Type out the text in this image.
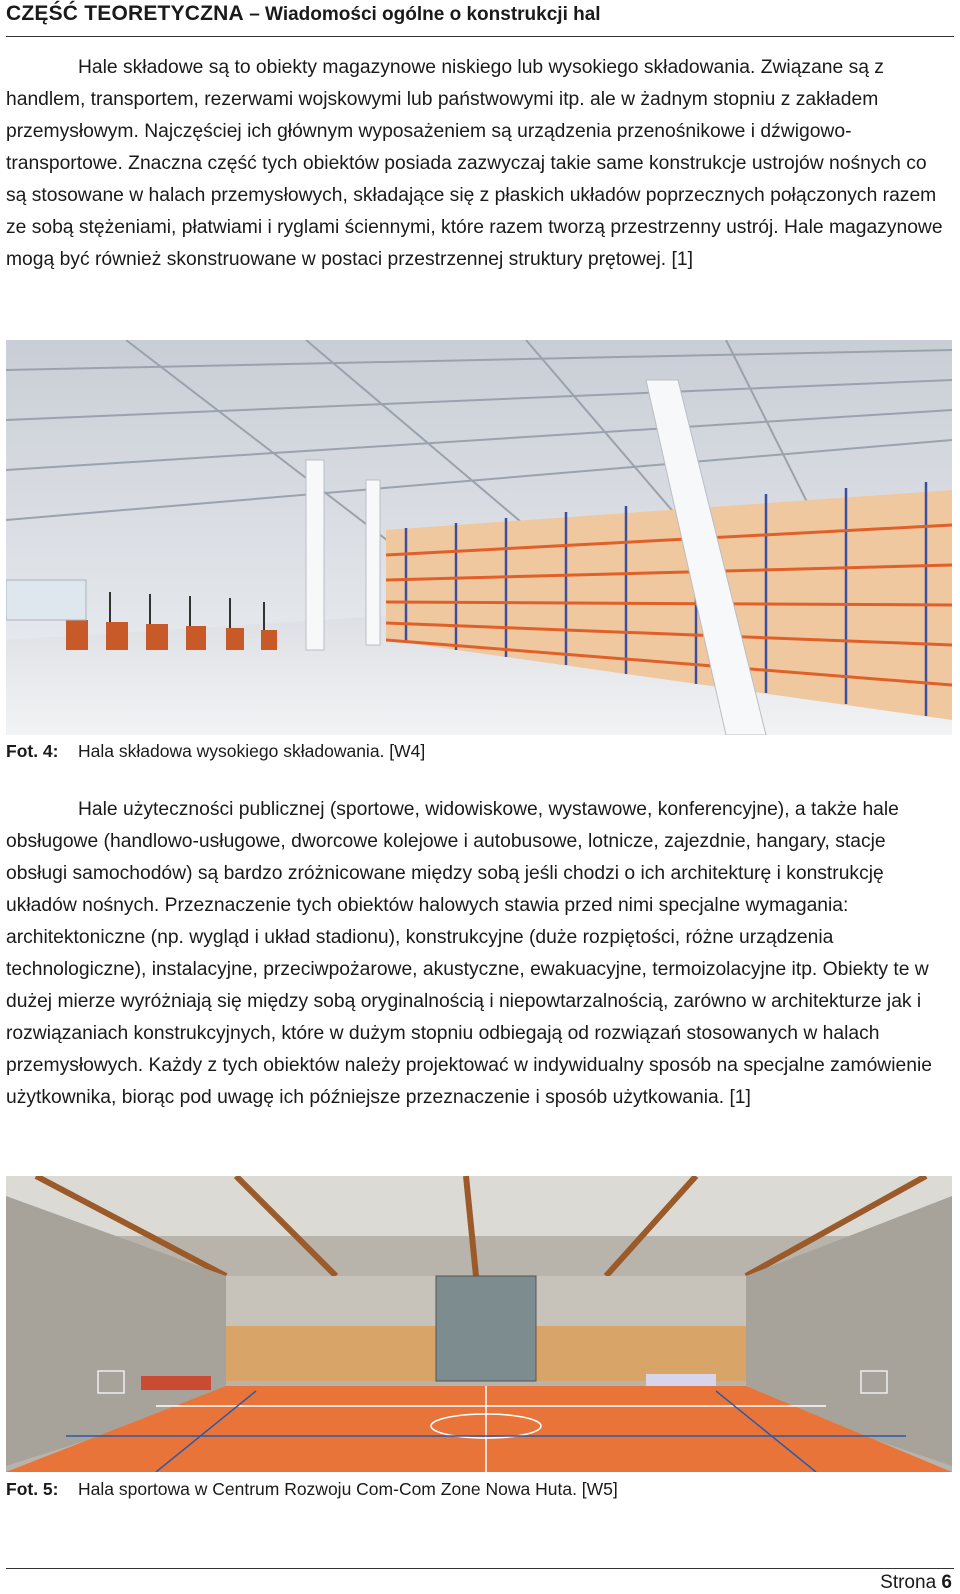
CZĘŚĆ TEORETYCZNA – Wiadomości ogólne o konstrukcji hal

Hale składowe są to obiekty magazynowe niskiego lub wysokiego składowania. Związane są z handlem, transportem, rezerwami wojskowymi lub państwowymi itp. ale w żadnym stopniu z zakładem przemysłowym. Najczęściej ich głównym wyposażeniem są urządzenia przenośnikowe i dźwigowo-transportowe. Znaczna część tych obiektów posiada zazwyczaj takie same konstrukcje ustrojów nośnych co są stosowane w halach przemysłowych, składające się z płaskich układów poprzecznych połączonych razem ze sobą stężeniami, płatwiami i ryglami ściennymi, które razem tworzą przestrzenny ustrój. Hale magazynowe mogą być również skonstruowane w postaci przestrzennej struktury prętowej. [1]

Fot. 4: Hala składowa wysokiego składowania. [W4]

Hale użyteczności publicznej (sportowe, widowiskowe, wystawowe, konferencyjne), a także hale obsługowe (handlowo-usługowe, dworcowe kolejowe i autobusowe, lotnicze, zajezdnie, hangary, stacje obsługi samochodów) są bardzo zróżnicowane między sobą jeśli chodzi o ich architekturę i konstrukcję układów nośnych. Przeznaczenie tych obiektów halowych stawia przed nimi specjalne wymagania: architektoniczne (np. wygląd i układ stadionu), konstrukcyjne (duże rozpiętości, różne urządzenia technologiczne), instalacyjne, przeciwpożarowe, akustyczne, ewakuacyjne, termoizolacyjne itp. Obiekty te w dużej mierze wyróżniają się między sobą oryginalnością i niepowtarzalnością, zarówno w architekturze jak i rozwiązaniach konstrukcyjnych, które w dużym stopniu odbiegają od rozwiązań stosowanych w halach przemysłowych. Każdy z tych obiektów należy projektować w indywidualny sposób na specjalne zamówienie użytkownika, biorąc pod uwagę ich późniejsze przeznaczenie i sposób użytkowania. [1]

Fot. 5: Hala sportowa w Centrum Rozwoju Com-Com Zone Nowa Huta. [W5]
Strona 6
